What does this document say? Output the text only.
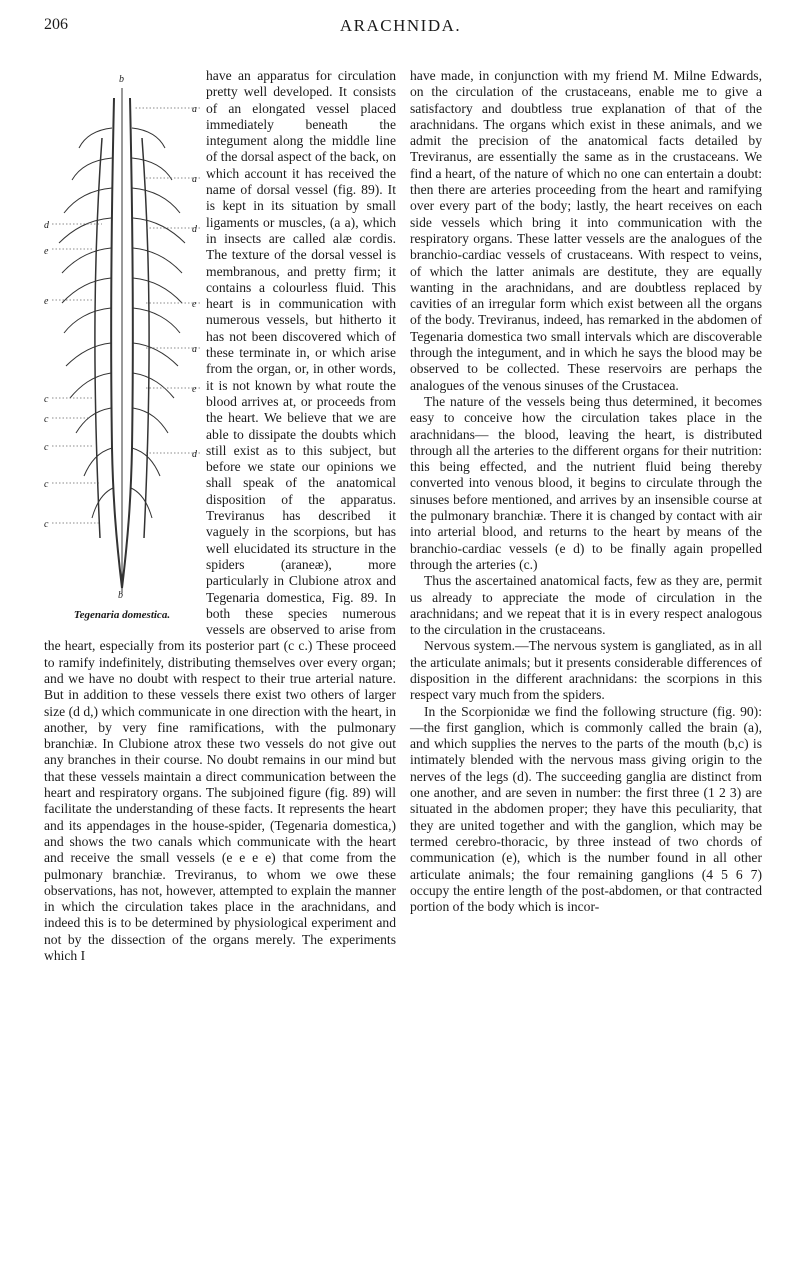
206	ARACHNIDA.
b
b
d
e
e
c
c
c
c
c
a
a
d
e
a
e
d
Tegenaria domestica.

have an apparatus for circulation pretty well developed. It consists of an elongated vessel placed immediately beneath the integument along the middle line of the dorsal aspect of the back, on which account it has received the name of dorsal vessel (fig. 89). It is kept in its situation by small ligaments or muscles, (a a), which in insects are called alæ cordis. The texture of the dorsal vessel is membranous, and pretty firm; it contains a colourless fluid. This heart is in communication with numerous vessels, but hitherto it has not been discovered which of these terminate in, or which arise from the organ, or, in other words, it is not known by what route the blood arrives at, or proceeds from the heart. We believe that we are able to dissipate the doubts which still exist as to this subject, but before we state our opinions we shall speak of the anatomical disposition of the apparatus. Treviranus has described it vaguely in the scorpions, but has well elucidated its structure in the spiders (araneæ), more particularly in Clubione atrox and Tegenaria domestica, Fig. 89. In both these species numerous vessels are observed to arise from the heart, especially from its posterior part (c c.) These proceed to ramify indefinitely, distributing themselves over every organ; and we have no doubt with respect to their true arterial nature. But in addition to these vessels there exist two others of larger size (d d,) which communicate in one direction with the heart, in another, by very fine ramifications, with the pulmonary branchiæ. In Clubione atrox these two vessels do not give out any branches in their course. No doubt remains in our mind but that these vessels maintain a direct communication between the heart and respiratory organs. The subjoined figure (fig. 89) will facilitate the understanding of these facts. It represents the heart and its appendages in the house-spider, (Tegenaria domestica,) and shows the two canals which communicate with the heart and receive the small vessels (e e e e) that come from the pulmonary branchiæ. Treviranus, to whom we owe these observations, has not, however, attempted to explain the manner in which the circulation takes place in the arachnidans, and indeed this is to be determined by physiological experiment and not by the dissection of the organs merely. The experiments which I

have made, in conjunction with my friend M. Milne Edwards, on the circulation of the crustaceans, enable me to give a satisfactory and doubtless true explanation of that of the arachnidans. The organs which exist in these animals, and we admit the precision of the anatomical facts detailed by Treviranus, are essentially the same as in the crustaceans. We find a heart, of the nature of which no one can entertain a doubt: then there are arteries proceeding from the heart and ramifying over every part of the body; lastly, the heart receives on each side vessels which bring it into communication with the respiratory organs. These latter vessels are the analogues of the branchio-cardiac vessels of crustaceans. With respect to veins, of which the latter animals are destitute, they are equally wanting in the arachnidans, and are doubtless replaced by cavities of an irregular form which exist between all the organs of the body. Treviranus, indeed, has remarked in the abdomen of Tegenaria domestica two small intervals which are discoverable through the integument, and in which he says the blood may be observed to be collected. These reservoirs are perhaps the analogues of the venous sinuses of the Crustacea.

The nature of the vessels being thus determined, it becomes easy to conceive how the circulation takes place in the arachnidans— the blood, leaving the heart, is distributed through all the arteries to the different organs for their nutrition: this being effected, and the nutrient fluid being thereby converted into venous blood, it begins to circulate through the sinuses before mentioned, and arrives by an insensible course at the pulmonary branchiæ. There it is changed by contact with air into arterial blood, and returns to the heart by means of the branchio-cardiac vessels (e d) to be finally again propelled through the arteries (c.)

Thus the ascertained anatomical facts, few as they are, permit us already to appreciate the mode of circulation in the arachnidans; and we repeat that it is in every respect analogous to the circulation in the crustaceans.

Nervous system.—The nervous system is gangliated, as in all the articulate animals; but it presents considerable differences of disposition in the different arachnidans: the scorpions in this respect vary much from the spiders.

In the Scorpionidæ we find the following structure (fig. 90):—the first ganglion, which is commonly called the brain (a), and which supplies the nerves to the parts of the mouth (b,c) is intimately blended with the nervous mass giving origin to the nerves of the legs (d). The succeeding ganglia are distinct from one another, and are seven in number: the first three (1 2 3) are situated in the abdomen proper; they have this peculiarity, that they are united together and with the ganglion, which may be termed cerebro-thoracic, by three instead of two chords of communication (e), which is the number found in all other articulate animals; the four remaining ganglions (4 5 6 7) occupy the entire length of the post-abdomen, or that contracted portion of the body which is incor-
